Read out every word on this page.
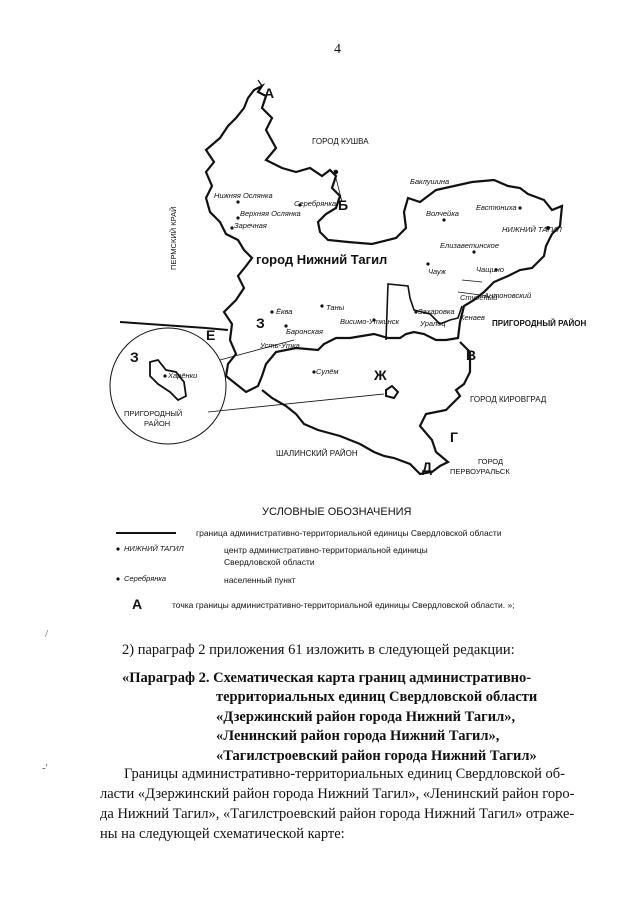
4
ГОРОД КУШВА
ПЕРМСКИЙ КРАЙ
ПРИГОРОДНЫЙ РАЙОН
ГОРОД КИРОВГРАД
ШАЛИНСКИЙ РАЙОН
ГОРОД
ПЕРВОУРАЛЬСК
город Нижний Тагил
А
Б
В
Г
Д
Е
Ж
З
З
Нижняя Ослянка
Серебрянка
Верхняя Ослянка
Заречная
Баклушина
Волчейка
Евстюниха
НИЖНИЙ ТАГИЛ
Елизаветинское
Чащино
Чауж
Антоновский
Студёный
Кенаев
Захаровка
Уралец
Ёква	Таны
Баронская
Усть-Утка
Висимо-Уткинск
Сулём
Харёнки
ПРИГОРОДНЫЙ
РАЙОН
УСЛОВНЫЕ ОБОЗНАЧЕНИЯ
граница административно-территориальной единицы Свердловской области
НИЖНИЙ ТАГИЛ	центр административно-территориальной единицы
Свердловской области
Серебрянка	населенный пункт
А	точка границы административно-территориальной единицы Свердловской области. »;
/
-'
2) параграф 2 приложения 61 изложить в следующей редакции:
«Параграф 2. Схематическая карта границ административно-
территориальных единиц Свердловской области
«Дзержинский район города Нижний Тагил»,
«Ленинский район города Нижний Тагил»,
«Тагилстроевский район города Нижний Тагил»
Границы административно-территориальных единиц Свердловской об-
ласти «Дзержинский район города Нижний Тагил», «Ленинский район горо-
да Нижний Тагил», «Тагилстроевский район города Нижний Тагил» отраже-
ны на следующей схематической карте:
